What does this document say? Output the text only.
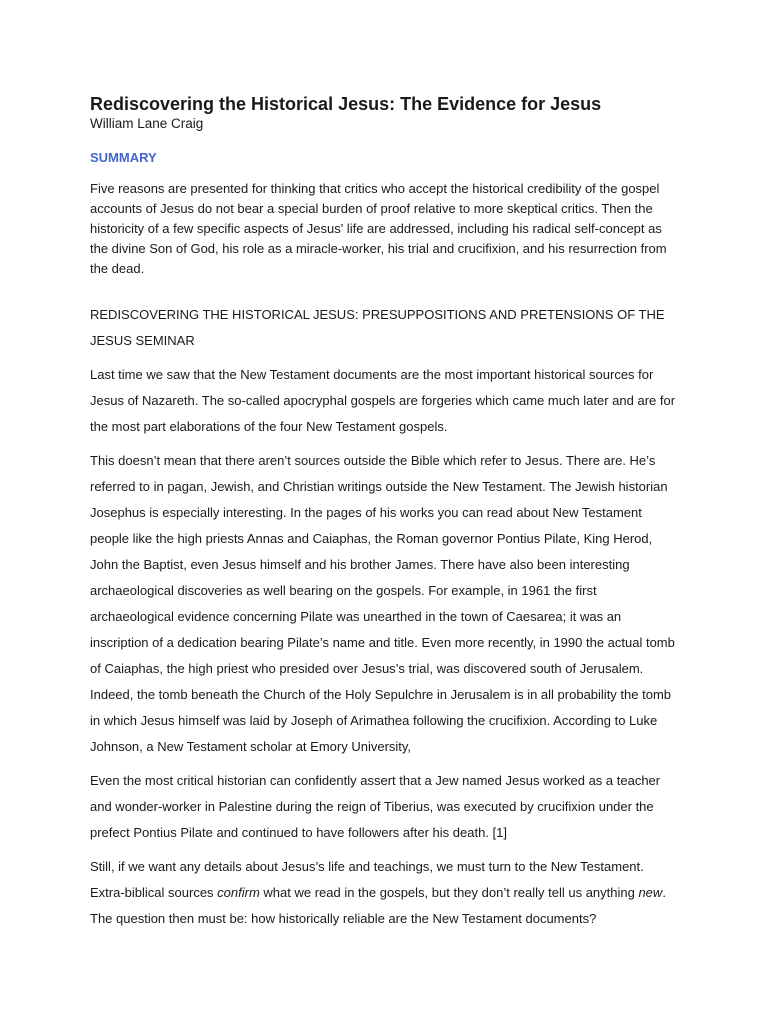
Rediscovering the Historical Jesus: The Evidence for Jesus
William Lane Craig
SUMMARY
Five reasons are presented for thinking that critics who accept the historical credibility of the gospel accounts of Jesus do not bear a special burden of proof relative to more skeptical critics. Then the historicity of a few specific aspects of Jesus' life are addressed, including his radical self-concept as the divine Son of God, his role as a miracle-worker, his trial and crucifixion, and his resurrection from the dead.
REDISCOVERING THE HISTORICAL JESUS: PRESUPPOSITIONS AND PRETENSIONS OF THE JESUS SEMINAR
Last time we saw that the New Testament documents are the most important historical sources for Jesus of Nazareth. The so-called apocryphal gospels are forgeries which came much later and are for the most part elaborations of the four New Testament gospels.
This doesn’t mean that there aren’t sources outside the Bible which refer to Jesus. There are. He’s referred to in pagan, Jewish, and Christian writings outside the New Testament. The Jewish historian Josephus is especially interesting. In the pages of his works you can read about New Testament people like the high priests Annas and Caiaphas, the Roman governor Pontius Pilate, King Herod, John the Baptist, even Jesus himself and his brother James. There have also been interesting archaeological discoveries as well bearing on the gospels. For example, in 1961 the first archaeological evidence concerning Pilate was unearthed in the town of Caesarea; it was an inscription of a dedication bearing Pilate’s name and title. Even more recently, in 1990 the actual tomb of Caiaphas, the high priest who presided over Jesus’s trial, was discovered south of Jerusalem. Indeed, the tomb beneath the Church of the Holy Sepulchre in Jerusalem is in all probability the tomb in which Jesus himself was laid by Joseph of Arimathea following the crucifixion. According to Luke Johnson, a New Testament scholar at Emory University,
Even the most critical historian can confidently assert that a Jew named Jesus worked as a teacher and wonder-worker in Palestine during the reign of Tiberius, was executed by crucifixion under the prefect Pontius Pilate and continued to have followers after his death. [1]
Still, if we want any details about Jesus’s life and teachings, we must turn to the New Testament. Extra-biblical sources confirm what we read in the gospels, but they don’t really tell us anything new. The question then must be: how historically reliable are the New Testament documents?
